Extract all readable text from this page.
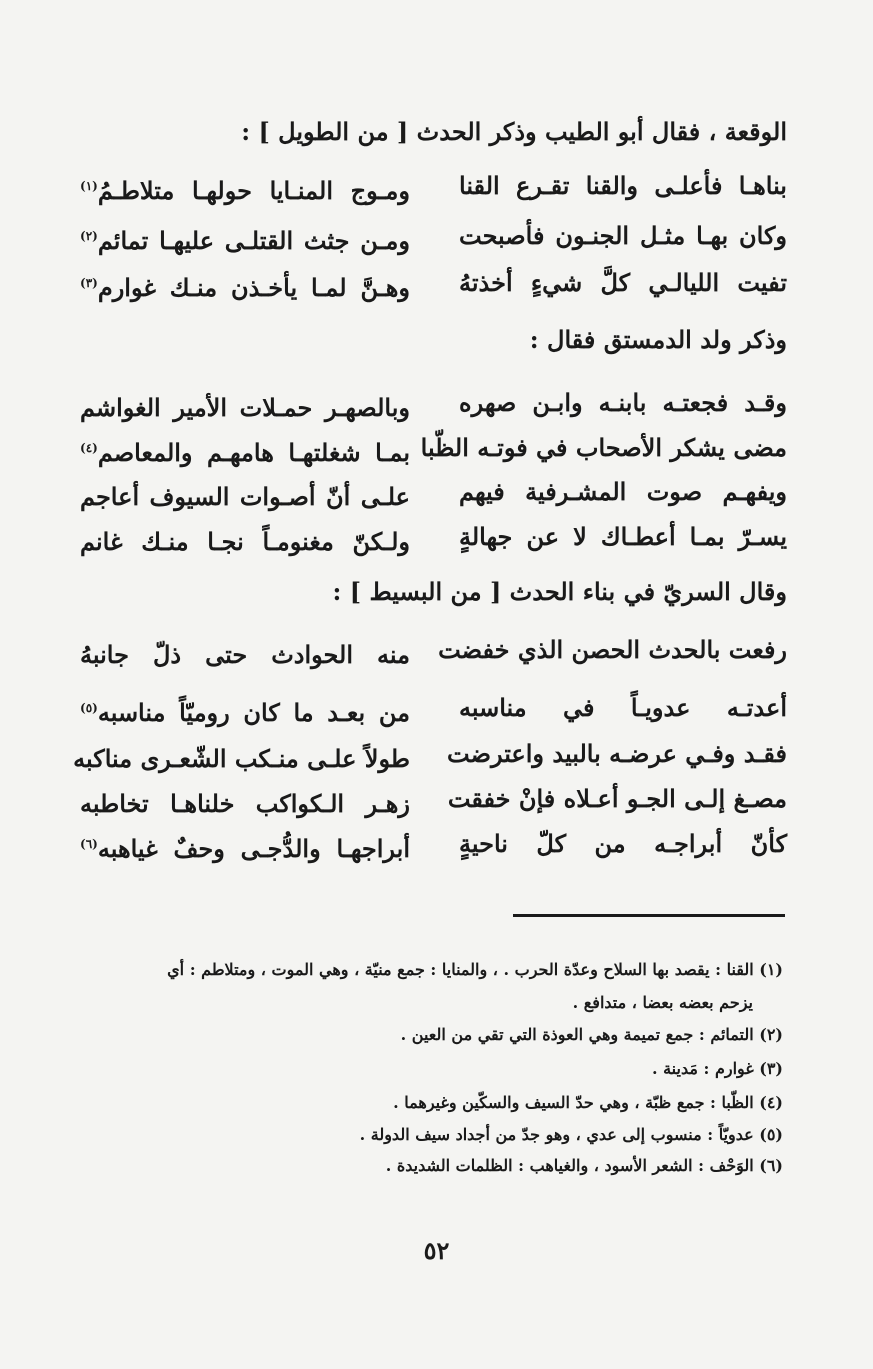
الوقعة ، فقال أبو الطيب وذكر الحدث [ من الطويل ] :
بناهـا فأعلـى والقنا تقـرع القنا
ومـوج المنـايا حولهـا متلاطـمُ$^{(١)}$
وكان بهـا مثـل الجنـون فأصبحت
ومـن جثث القتلـى عليهـا تمائم$^{(٢)}$
تفيت الليالـي كلَّ شيءٍ أخذتهُ
وهـنَّ لمـا يأخـذن منـك غوارم$^{(٣)}$
وذكر ولد الدمستق فقال :
وقـد فجعتـه بابنـه وابـن صهره
وبالصهـر حمـلات الأمير الغواشم
مضى يشكر الأصحاب في فوتـه الظّبا
بمـا شغلتهـا هامهـم والمعاصم$^{(٤)}$
ويفهـم صوت المشـرفية فيهم
علـى أنّ أصـوات السيوف أعاجم
يسـرّ بمـا أعطـاك لا عن جهالةٍ
ولـكنّ مغنومـاً نجـا منـك غانم
وقال السريّ في بناء الحدث [ من البسيط ] :
رفعت بالحدث الحصن الذي خفضت
منه الحوادث حتى ذلّ جانبهُ
أعدتـه عدويـاً في مناسبه
من بعـد ما كان روميّاً مناسبه$^{(٥)}$
فقـد وفـي عرضـه بالبيد واعترضت
طولاً علـى منـكب الشّعـرى مناكبه
مصـغ إلـى الجـو أعـلاه فإنْ خفقت
زهـر الـكواكب خلناهـا تخاطبه
كأنّ أبراجـه من كلّ ناحيةٍ
أبراجهـا والدُّجـى وحفٌ غياهبه$^{(٦)}$
(١) القنا : يقصد بها السلاح وعدّة الحرب . ، والمنايا : جمع منيّة ، وهي الموت ، ومتلاطم : أي
يزحم بعضه بعضا ، متدافع .
(٢) التمائم : جمع تميمة وهي العوذة التي تقي من العين .
(٣) غوارم : مَدينة .
(٤) الظّبا : جمع ظبّة ، وهي حدّ السيف والسكّين وغيرهما .
(٥) عدويّاً : منسوب إلى عدي ، وهو جدّ من أجداد سيف الدولة .
(٦) الوَحْف : الشعر الأسود ، والغياهب : الظلمات الشديدة .
٥٢
